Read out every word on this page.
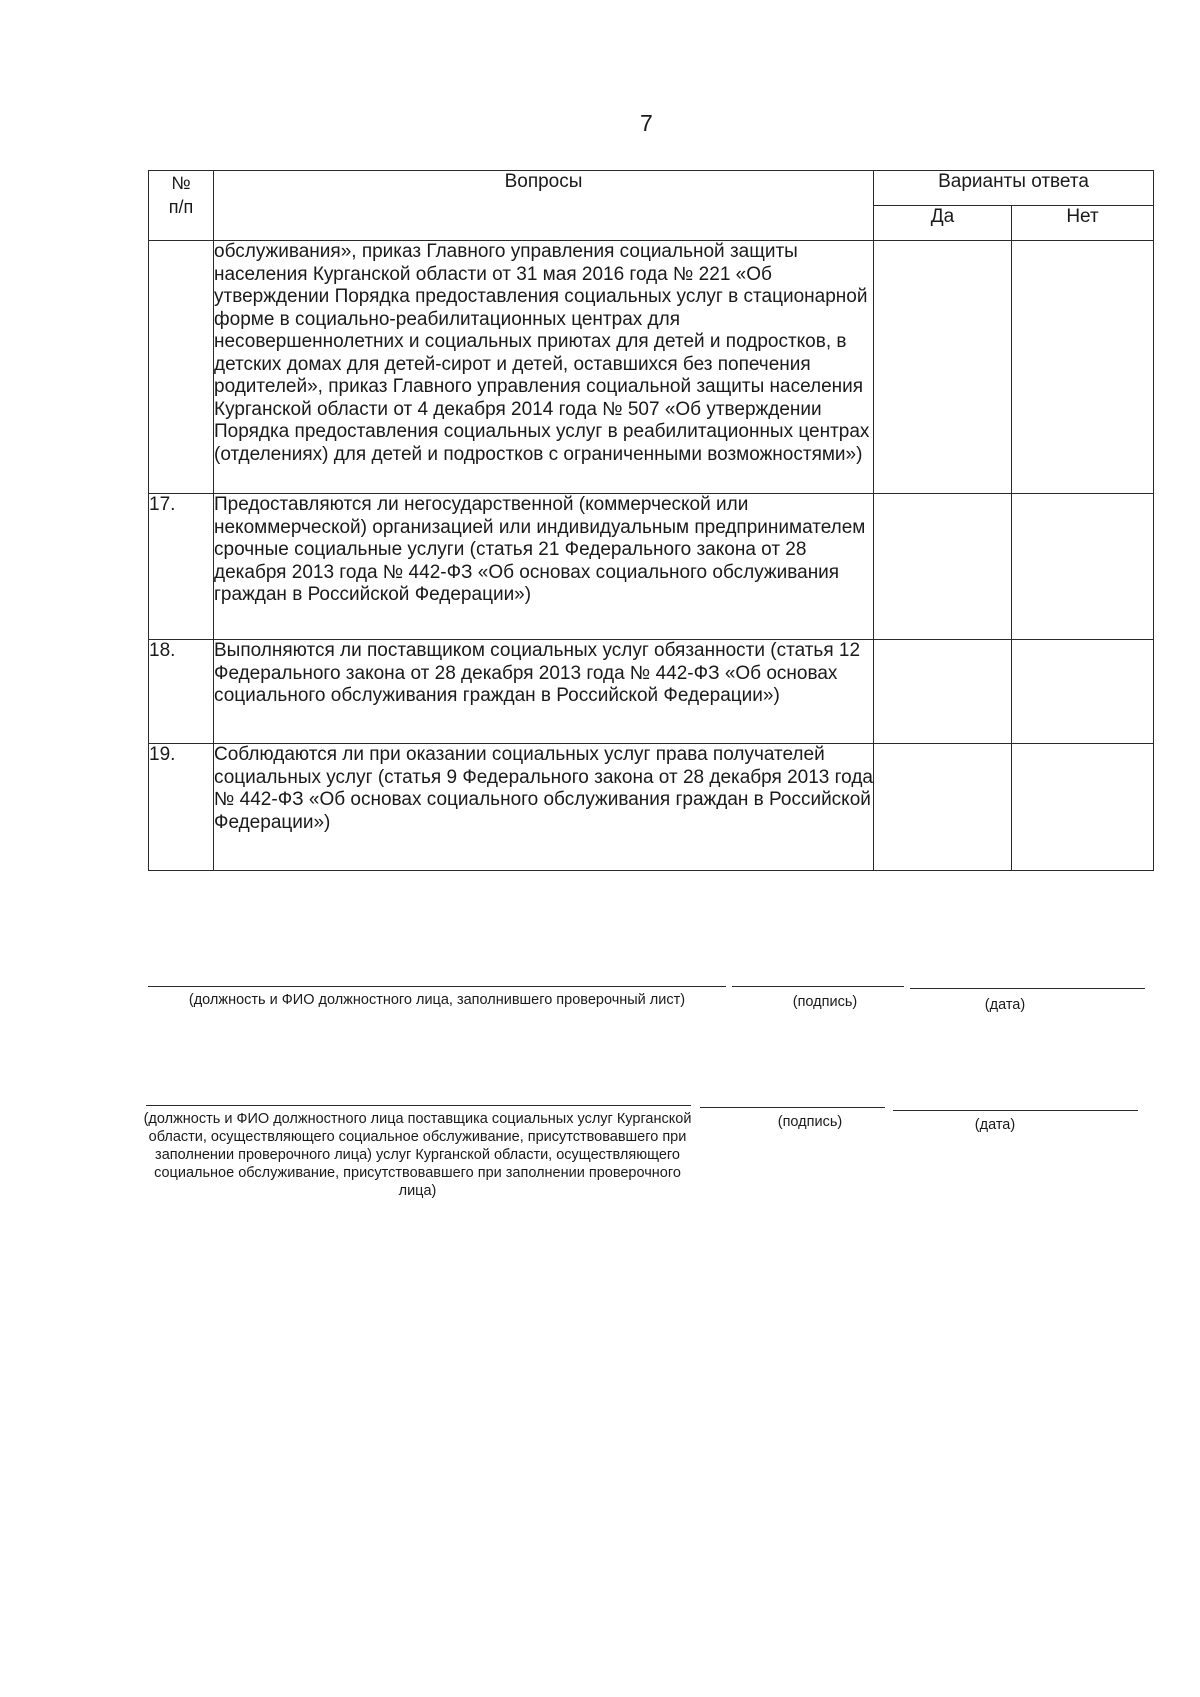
7
№
п/п	Вопросы	Варианты ответа	
		Да	Нет
	обслуживания», приказ Главного управления социальной защиты населения Курганской области от 31 мая 2016 года № 221 «Об утверждении Порядка предоставления социальных услуг в стационарной форме в социально-реабилитационных центрах для несовершеннолетних и социальных приютах для детей и подростков, в детских домах для детей-сирот и детей, оставшихся без попечения родителей», приказ Главного управления социальной защиты населения Курганской области от 4 декабря 2014 года № 507 «Об утверждении Порядка предоставления социальных услуг в реабилитационных центрах (отделениях) для детей и подростков с ограниченными возможностями»)		
17.	Предоставляются ли негосударственной (коммерческой или некоммерческой) организацией или индивидуальным предпринимателем срочные социальные услуги (статья 21 Федерального закона от 28 декабря 2013 года № 442-ФЗ «Об основах социального обслуживания граждан в Российской Федерации»)		
18.	Выполняются ли поставщиком социальных услуг обязанности (статья 12 Федерального закона от 28 декабря 2013 года № 442-ФЗ «Об основах социального обслуживания граждан в Российской Федерации»)		
19.	Соблюдаются ли при оказании социальных услуг права получателей социальных услуг (статья 9 Федерального закона от 28 декабря 2013 года № 442-ФЗ «Об основах социального обслуживания граждан в Российской Федерации»)		
(должность и ФИО должностного лица, заполнившего проверочный лист)	(подпись)	(дата)
(должность и ФИО должностного лица поставщика социальных услуг Курганской области, осуществляющего социальное обслуживание, присутствовавшего при заполнении проверочного лица) услуг Курганской области, осуществляющего социальное обслуживание, присутствовавшего при заполнении проверочного лица)
(подпись)	(дата)
